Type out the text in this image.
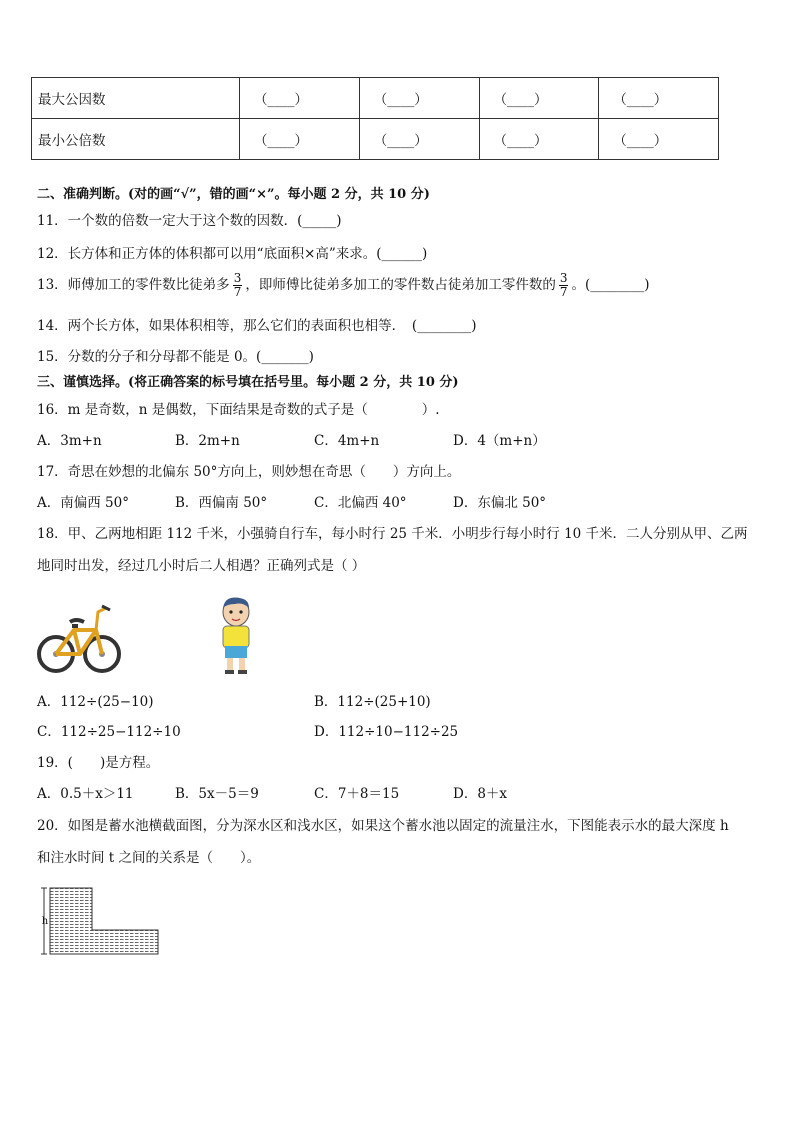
最大公因数	（____）	（____）	（____）	（____）
最小公倍数	（____）	（____）	（____）	（____）
二、准确判断。(对的画“√”，错的画“×”。每小题 2 分，共 10 分)
11．一个数的倍数一定大于这个数的因数．(_____)
12．长方体和正方体的体积都可以用“底面积×高”来求。(______)
13．师傅加工的零件数比徒弟多 $\frac{3}{7}$ ，即师傅比徒弟多加工的零件数占徒弟加工零件数的 $\frac{3}{7}$ 。(________)
14．两个长方体，如果体积相等，那么它们的表面积也相等．　(________)
15．分数的分子和分母都不能是 0。(_______)
三、谨慎选择。(将正确答案的标号填在括号里。每小题 2 分，共 10 分)
16．m 是奇数，n 是偶数，下面结果是奇数的式子是（　　　　）.
A．3m+n	B．2m+n	C．4m+n	D．4（m+n）
17．奇思在妙想的北偏东 50°方向上，则妙想在奇思（　　）方向上。
A．南偏西 50°	B．西偏南 50°	C．北偏西 40°	D．东偏北 50°
18．甲、乙两地相距 112 千米，小强骑自行车，每小时行 25 千米．小明步行每小时行 10 千米．二人分别从甲、乙两
地同时出发，经过几小时后二人相遇？正确列式是（ ）
A．112÷(25−10)	B．112÷(25+10)
C．112÷25−112÷10	D．112÷10−112÷25
19．(　　)是方程。
A．0.5＋x＞11	B．5x－5＝9	C．7＋8＝15	D．8＋x
20．如图是蓄水池横截面图，分为深水区和浅水区，如果这个蓄水池以固定的流量注水，下图能表示水的最大深度 h
和注水时间 t 之间的关系是（　　）。
h
